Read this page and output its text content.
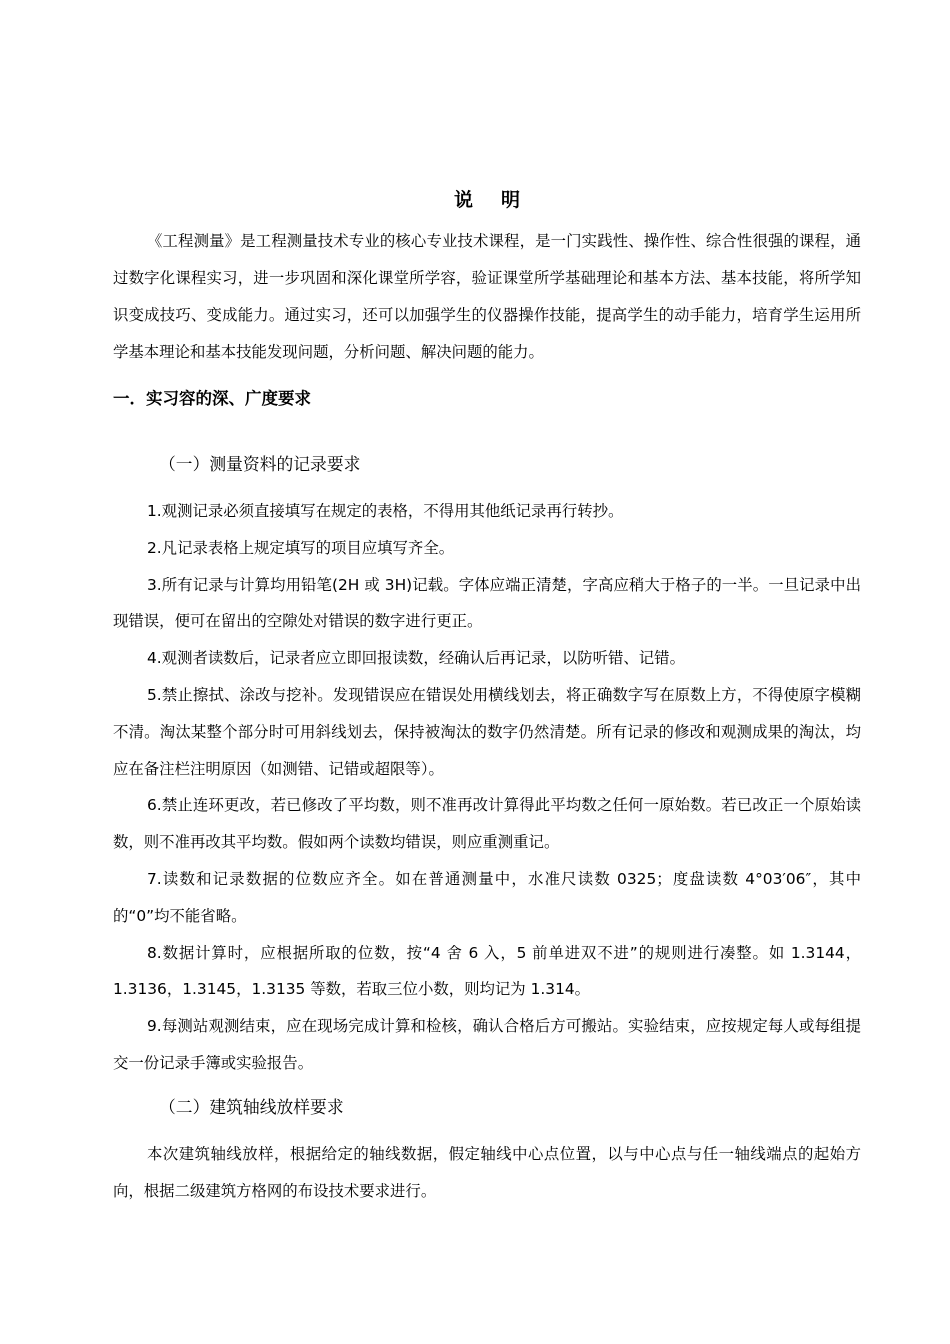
说明

《工程测量》是工程测量技术专业的核心专业技术课程，是一门实践性、操作性、综合性很强的课程，通过数字化课程实习，进一步巩固和深化课堂所学容，验证课堂所学基础理论和基本方法、基本技能，将所学知识变成技巧、变成能力。通过实习，还可以加强学生的仪器操作技能，提高学生的动手能力，培育学生运用所学基本理论和基本技能发现问题，分析问题、解决问题的能力。

一．实习容的深、广度要求
（一）测量资料的记录要求

1.观测记录必须直接填写在规定的表格，不得用其他纸记录再行转抄。

2.凡记录表格上规定填写的项目应填写齐全。

3.所有记录与计算均用铅笔(2H 或 3H)记载。字体应端正清楚，字高应稍大于格子的一半。一旦记录中出现错误，便可在留出的空隙处对错误的数字进行更正。

4.观测者读数后，记录者应立即回报读数，经确认后再记录，以防听错、记错。

5.禁止擦拭、涂改与挖补。发现错误应在错误处用横线划去，将正确数字写在原数上方，不得使原字模糊不清。淘汰某整个部分时可用斜线划去，保持被淘汰的数字仍然清楚。所有记录的修改和观测成果的淘汰，均应在备注栏注明原因（如测错、记错或超限等）。

6.禁止连环更改，若已修改了平均数，则不准再改计算得此平均数之任何一原始数。若已改正一个原始读数，则不准再改其平均数。假如两个读数均错误，则应重测重记。

7.读数和记录数据的位数应齐全。如在普通测量中，水准尺读数 0325；度盘读数 4°03′06″，其中的“0”均不能省略。

8.数据计算时，应根据所取的位数，按“4 舍 6 入，5 前单进双不进”的规则进行凑整。如 1.3144，1.3136，1.3145，1.3135 等数，若取三位小数，则均记为 1.314。

9.每测站观测结束，应在现场完成计算和检核，确认合格后方可搬站。实验结束，应按规定每人或每组提交一份记录手簿或实验报告。

（二）建筑轴线放样要求

本次建筑轴线放样，根据给定的轴线数据，假定轴线中心点位置，以与中心点与任一轴线端点的起始方向，根据二级建筑方格网的布设技术要求进行。
